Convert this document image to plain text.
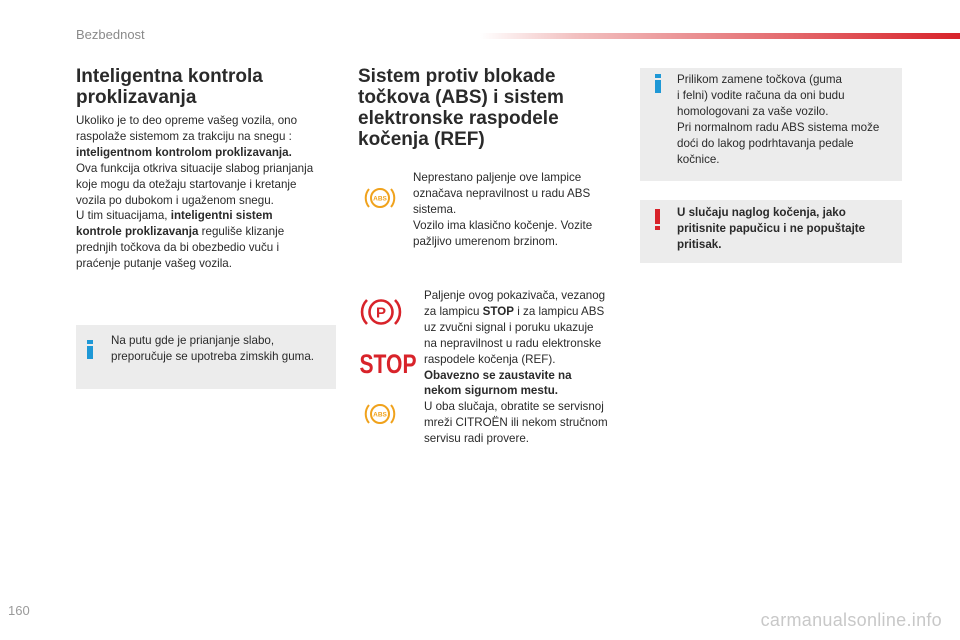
Bezbednost
Inteligentna kontrola
proklizavanja
Ukoliko je to deo opreme vašeg vozila, ono
raspolaže sistemom za trakciju na snegu :
inteligentnom kontrolom proklizavanja.
Ova funkcija otkriva situacije slabog prianjanja
koje mogu da otežaju startovanje i kretanje
vozila po dubokom i ugaženom snegu.
U tim situacijama, inteligentni sistem
kontrole proklizavanja reguliše klizanje
prednjih točkova da bi obezbedio vuču i
praćenje putanje vašeg vozila.
Na putu gde je prianjanje slabo,
preporučuje se upotreba zimskih guma.
Sistem protiv blokade
točkova (ABS) i sistem
elektronske raspodele
kočenja (REF)
ABS
Neprestano paljenje ove lampice
označava nepravilnost u radu ABS
sistema.
Vozilo ima klasično kočenje. Vozite
pažljivo umerenom brzinom.
P
STOP
ABS
Paljenje ovog pokazivača, vezanog
za lampicu STOP i za lampicu ABS
uz zvučni signal i poruku ukazuje
na nepravilnost u radu elektronske
raspodele kočenja (REF).
Obavezno se zaustavite na
nekom sigurnom mestu.
U oba slučaja, obratite se servisnoj
mreži CITROËN ili nekom stručnom
servisu radi provere.
Prilikom zamene točkova (guma
i felni) vodite računa da oni budu
homologovani za vaše vozilo.
Pri normalnom radu ABS sistema može
doći do lakog podrhtavanja pedale
kočnice.
U slučaju naglog kočenja, jako
pritisnite papučicu i ne popuštajte
pritisak.
160	carmanualsonline.info
